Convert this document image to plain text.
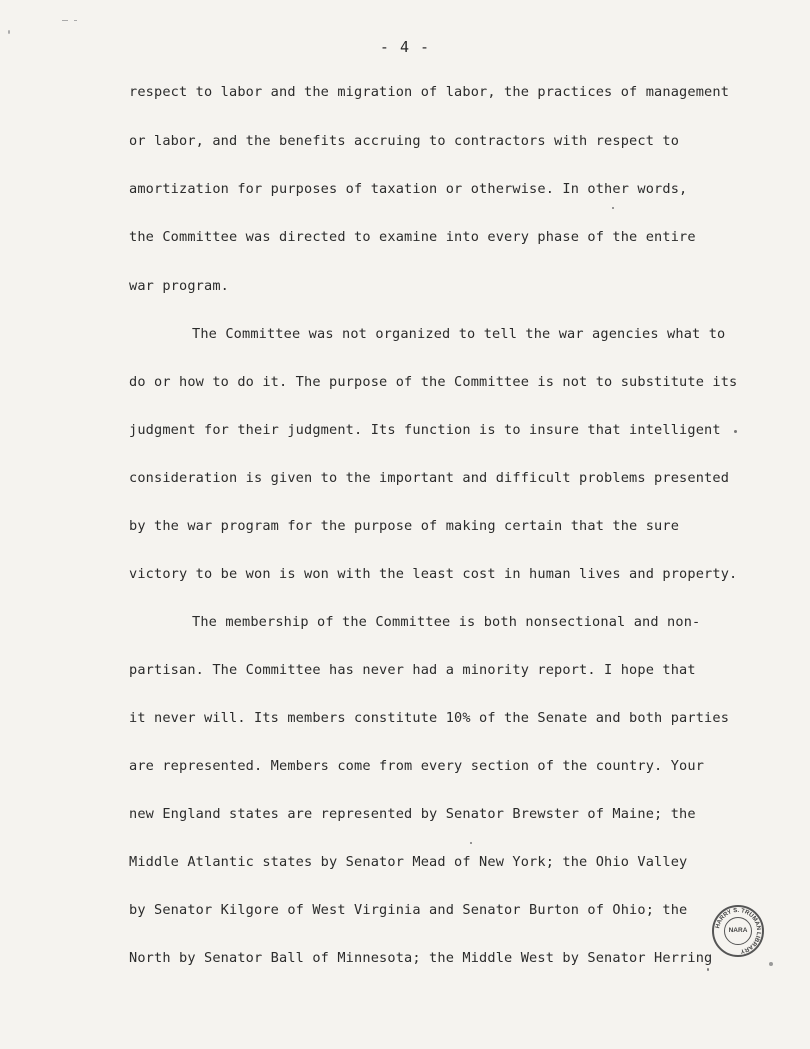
- 4 -
respect to labor and the migration of labor, the practices of management
or labor, and the benefits accruing to contractors with respect to
amortization for purposes of taxation or otherwise. In other words,
the Committee was directed to examine into every phase of the entire
war program.
The Committee was not organized to tell the war agencies what to
do or how to do it. The purpose of the Committee is not to substitute its
judgment for their judgment. Its function is to insure that intelligent
consideration is given to the important and difficult problems presented
by the war program for the purpose of making certain that the sure
victory to be won is won with the least cost in human lives and property.
The membership of the Committee is both nonsectional and non-
partisan. The Committee has never had a minority report. I hope that
it never will. Its members constitute 10% of the Senate and both parties
are represented. Members come from every section of the country. Your
new England states are represented by Senator Brewster of Maine; the
Middle Atlantic states by Senator Mead of New York; the Ohio Valley
by Senator Kilgore of West Virginia and Senator Burton of Ohio; the
North by Senator Ball of Minnesota; the Middle West by Senator Herring
HARRY S. TRUMAN LIBRARY
NARA
